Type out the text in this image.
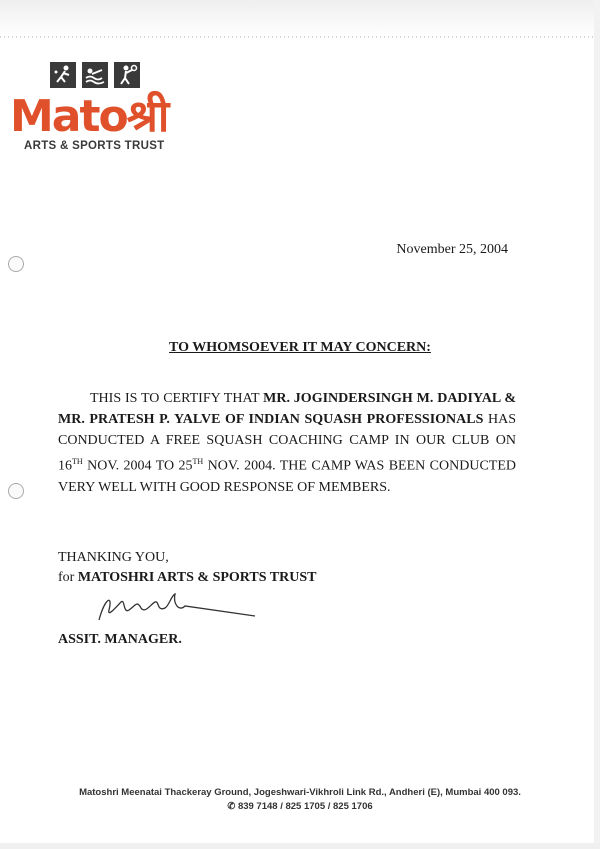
Matoश्री
ARTS & SPORTS TRUST
November 25, 2004
TO WHOMSOEVER IT MAY CONCERN:

THIS IS TO CERTIFY THAT MR. JOGINDERSINGH M. DADIYAL & MR. PRATESH P. YALVE OF INDIAN SQUASH PROFESSIONALS HAS CONDUCTED A FREE SQUASH COACHING CAMP IN OUR CLUB ON 16TH NOV. 2004 TO 25TH NOV. 2004. THE CAMP WAS BEEN CONDUCTED VERY WELL WITH GOOD RESPONSE OF MEMBERS.

THANKING YOU,
for MATOSHRI ARTS & SPORTS TRUST
ASSIT. MANAGER.
Matoshri Meenatai Thackeray Ground, Jogeshwari-Vikhroli Link Rd., Andheri (E), Mumbai 400 093.
✆ 839 7148 / 825 1705 / 825 1706
